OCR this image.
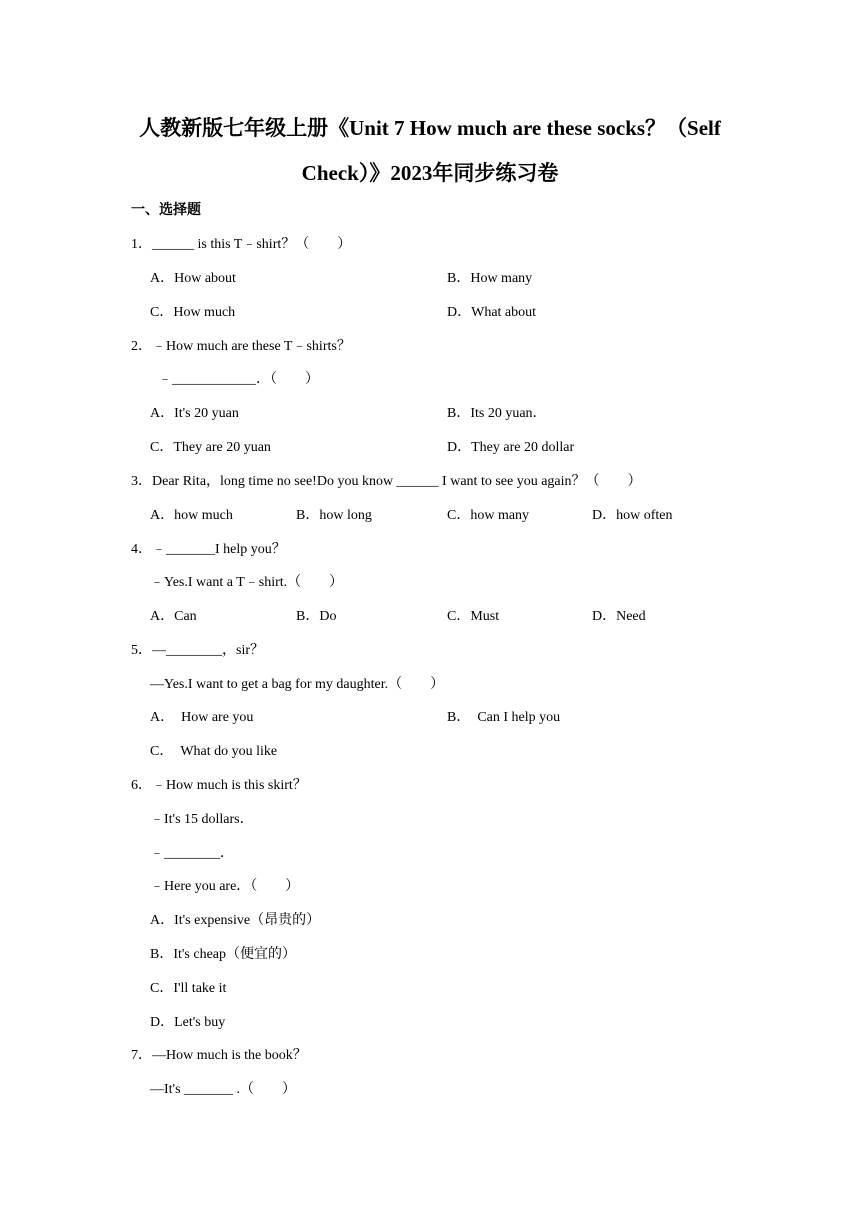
人教新版七年级上册《Unit 7 How much are these socks？（Self
Check）》2023年同步练习卷
一、选择题
1．______ is this T﹣shirt？（　　）
A．How about	B．How many
C．How much	D．What about
2．﹣How much are these T﹣shirts？
﹣____________．（　　）
A．It's 20 yuan	B．Its 20 yuan．
C．They are 20 yuan	D．They are 20 dollar
3．Dear Rita，long time no see!Do you know ______ I want to see you again？（　　）
A．how much	B．how long	C．how many	D．how often
4．﹣_______I help you？
﹣Yes.I want a T﹣shirt.（　　）
A．Can	B．Do	C．Must	D．Need
5．—________，sir？
—Yes.I want to get a bag for my daughter.（　　）
A．　How are you	B．　Can I help you
C．　What do you like
6．﹣How much is this skirt？
﹣It's 15 dollars．
﹣________．
﹣Here you are．（　　）
A．It's expensive（昂贵的）
B．It's cheap（便宜的）
C．I'll take it
D．Let's buy
7．—How much is the book？
—It's _______ .（　　）
